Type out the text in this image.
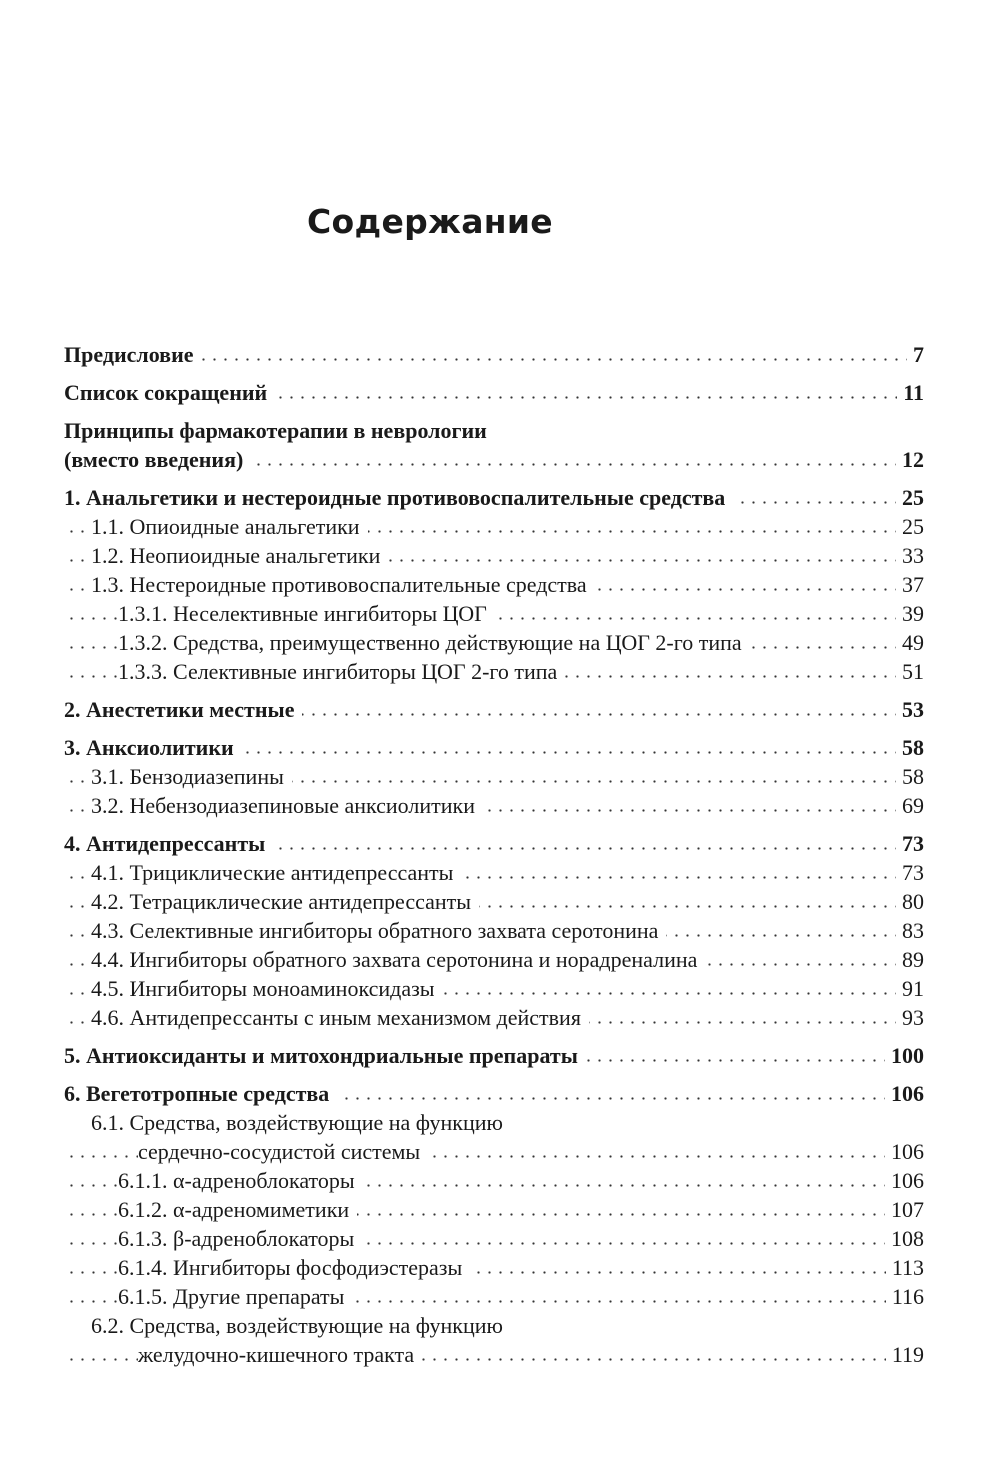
Содержание
Предисловие	7
Список сокращений	11
Принципы фармакотерапии в неврологии
(вместо введения)	12
1. Анальгетики и нестероидные противовоспалительные средства	25
1.1. Опиоидные анальгетики	25
1.2. Неопиоидные анальгетики	33
1.3. Нестероидные противовоспалительные средства	37
1.3.1. Неселективные ингибиторы ЦОГ	39
1.3.2. Средства, преимущественно действующие на ЦОГ 2-го типа	49
1.3.3. Селективные ингибиторы ЦОГ 2-го типа	51
2. Анестетики местные	53
3. Анксиолитики	58
3.1. Бензодиазепины	58
3.2. Небензодиазепиновые анксиолитики	69
4. Антидепрессанты	73
4.1. Трициклические антидепрессанты	73
4.2. Тетрациклические антидепрессанты	80
4.3. Селективные ингибиторы обратного захвата серотонина	83
4.4. Ингибиторы обратного захвата серотонина и норадреналина	89
4.5. Ингибиторы моноаминоксидазы	91
4.6. Антидепрессанты с иным механизмом действия	93
5. Антиоксиданты и митохондриальные препараты	100
6. Вегетотропные средства	106
6.1. Средства, воздействующие на функцию
сердечно-сосудистой системы	106
6.1.1. α-адреноблокаторы	106
6.1.2. α-адреномиметики	107
6.1.3. β-адреноблокаторы	108
6.1.4. Ингибиторы фосфодиэстеразы	113
6.1.5. Другие препараты	116
6.2. Средства, воздействующие на функцию
желудочно-кишечного тракта	119
